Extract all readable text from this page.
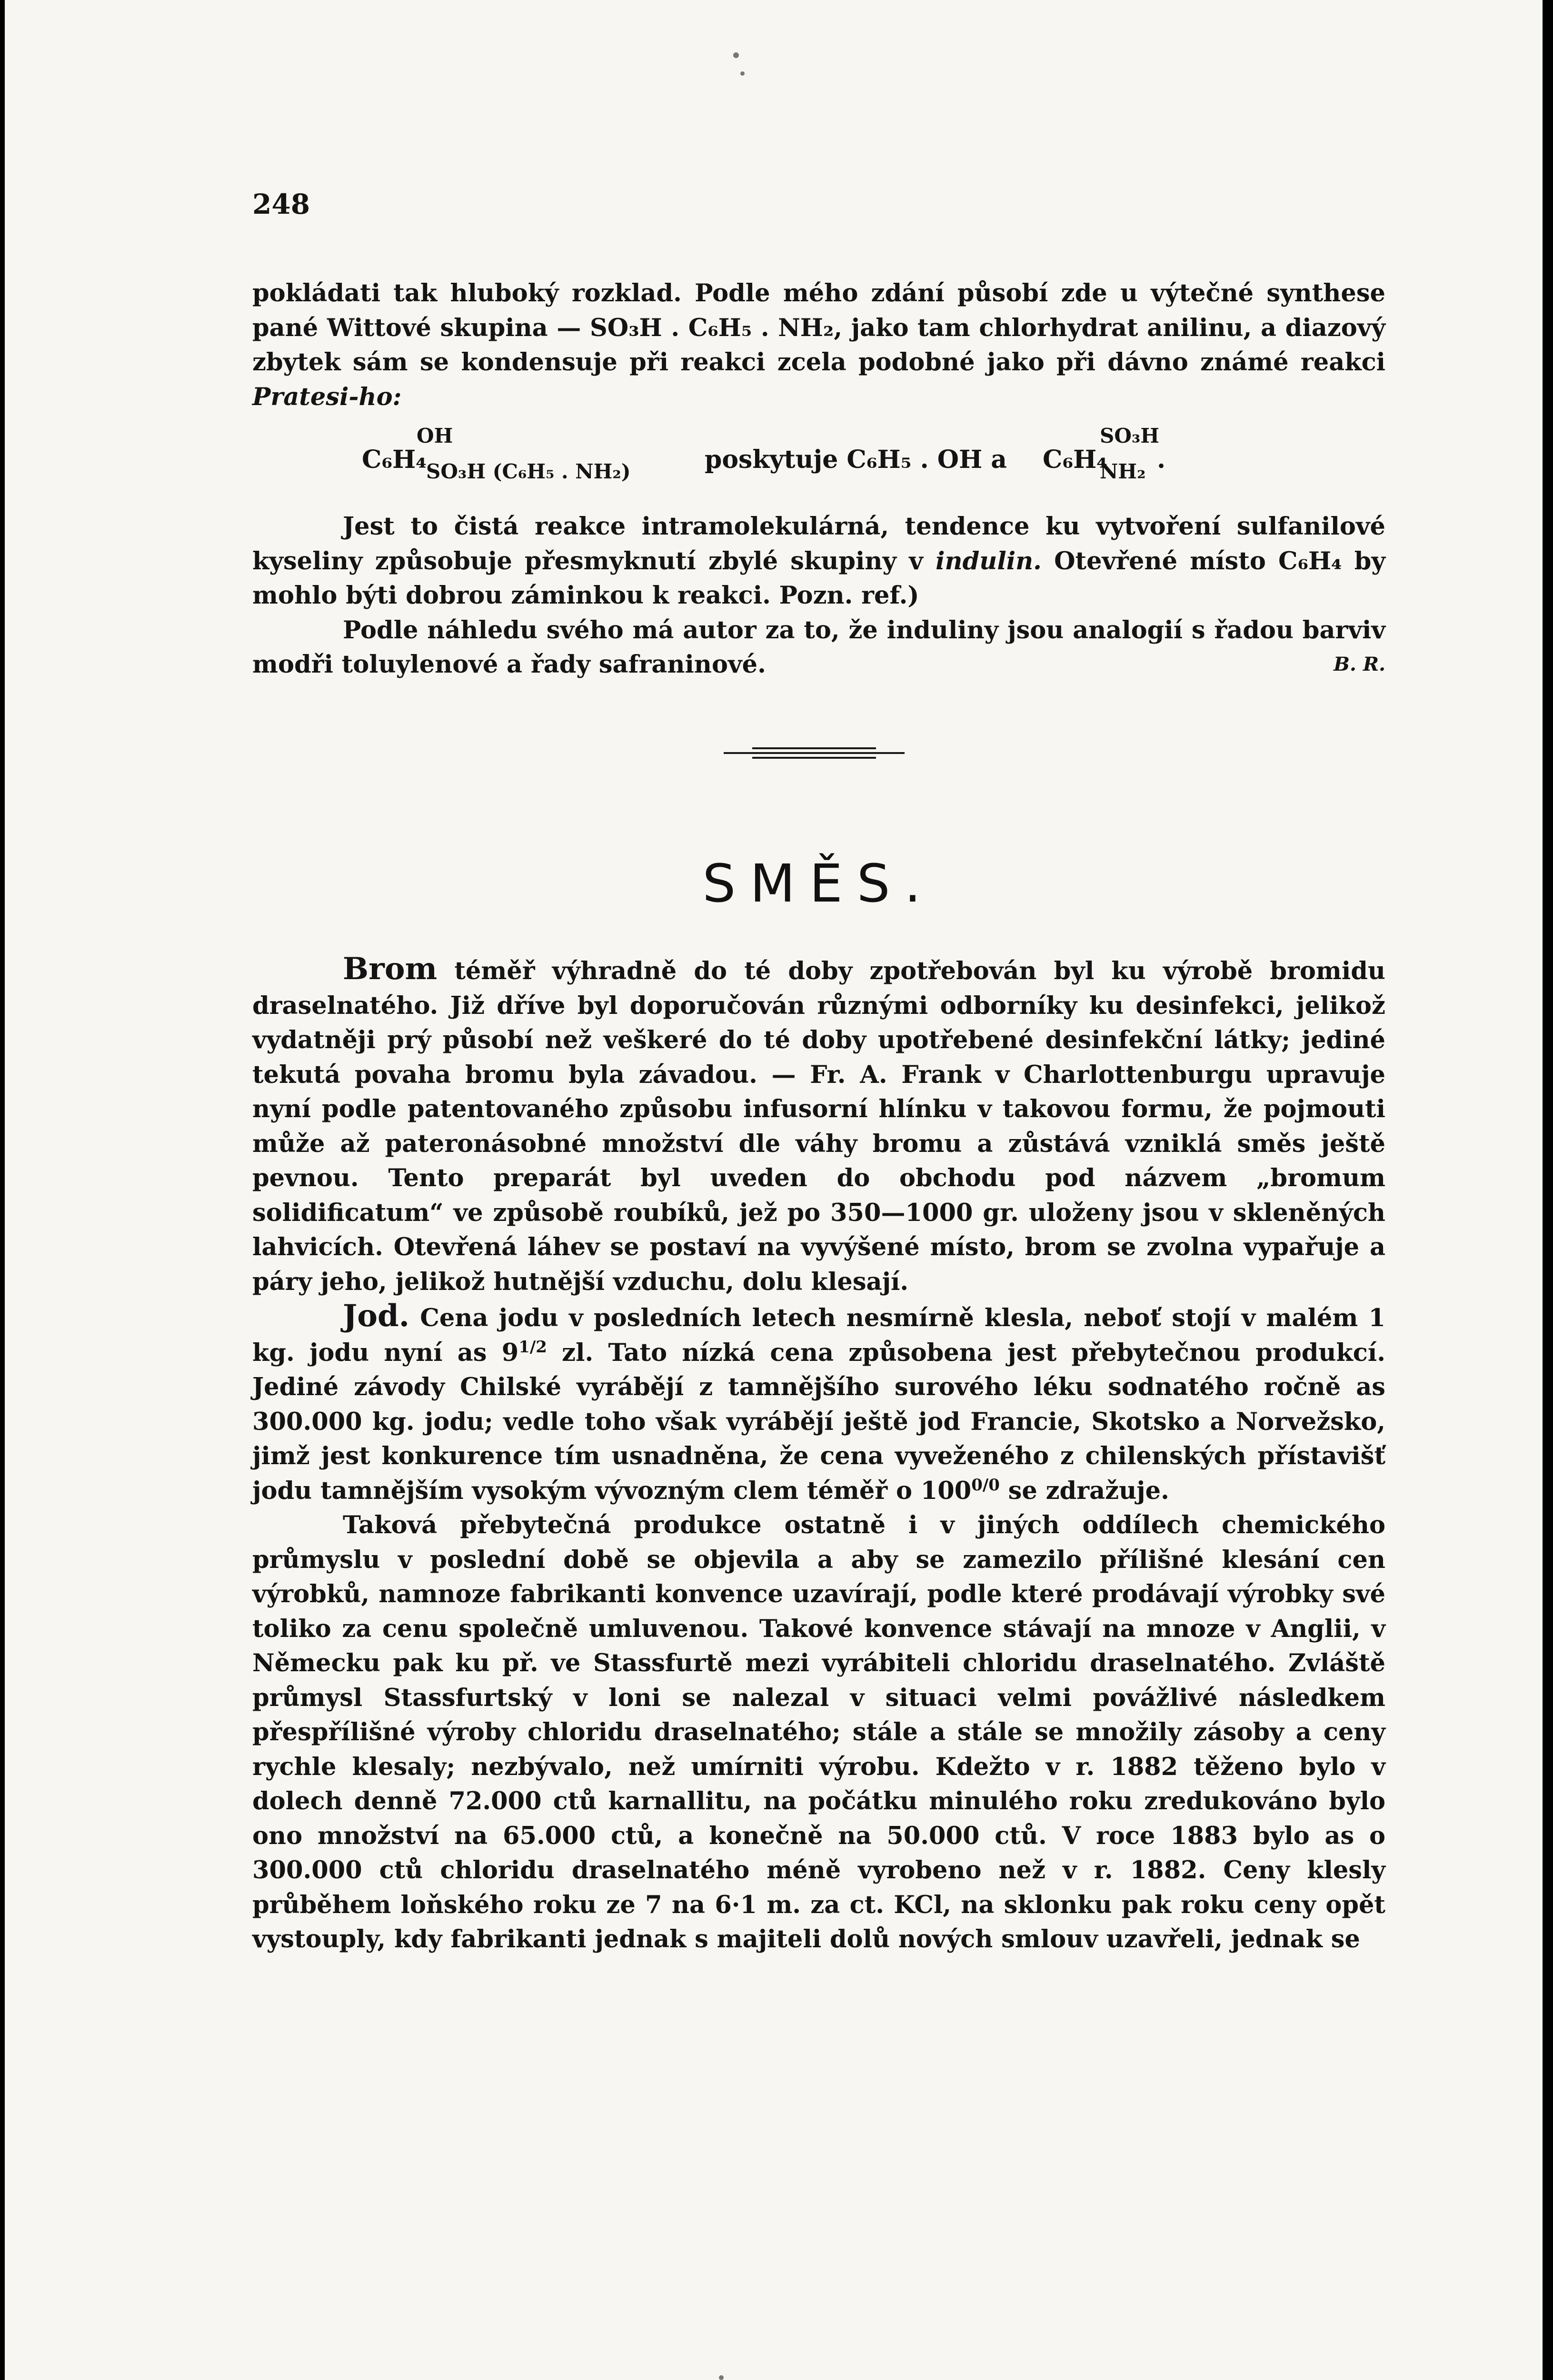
248

pokládati tak hluboký rozklad. Podle mého zdání působí zde u výtečné synthese pané Wittové skupina — SO₃H . C₆H₅ . NH₂, jako tam chlorhydrat anilinu, a diazový zbytek sám se kondensuje při reakci zcela podobné jako při dávno známé reakci Pratesi-ho:

C₆H₄
OH
SO₃H (C₆H₅ . NH₂)	poskytuje C₆H₅ . OH a C₆H₄
SO₃H
NH₂ .

Jest to čistá reakce intramolekulárná, tendence ku vytvoření sulfanilové kyseliny způsobuje přesmyknutí zbylé skupiny v indulin. Otevřené místo C₆H₄ by mohlo býti dobrou záminkou k reakci. Pozn. ref.)

Podle náhledu svého má autor za to, že induliny jsou analogií s řadou barviv modři toluylenové a řady safraninové.	B. R.
SMĚS.

Brom téměř výhradně do té doby zpotřebován byl ku výrobě bromidu draselnatého. Již dříve byl doporučován různými odborníky ku desinfekci, jelikož vydatněji prý působí než veškeré do té doby upotřebené desinfekční látky; jediné tekutá povaha bromu byla závadou. — Fr. A. Frank v Charlottenburgu upravuje nyní podle patentovaného způsobu infusorní hlínku v takovou formu, že pojmouti může až pateronásobné množství dle váhy bromu a zůstává vzniklá směs ještě pevnou. Tento preparát byl uveden do obchodu pod názvem „bromum solidificatum“ ve způsobě roubíků, jež po 350—1000 gr. uloženy jsou v skleněných lahvicích. Otevřená láhev se postaví na vyvýšené místo, brom se zvolna vypařuje a páry jeho, jelikož hutnější vzduchu, dolu klesají.

Jod. Cena jodu v posledních letech nesmírně klesla, neboť stojí v malém 1 kg. jodu nyní as $9^{1/2}$ zl. Tato nízká cena způsobena jest přebytečnou produkcí. Jediné závody Chilské vyrábějí z tamnějšího surového léku sodnatého ročně as 300.000 kg. jodu; vedle toho však vyrábějí ještě jod Francie, Skotsko a Norvežsko, jimž jest konkurence tím usnadněna, že cena vyveženého z chilenských přístavišť jodu tamnějším vysokým vývozným clem téměř o $100^{0/0}$ se zdražuje.

Taková přebytečná produkce ostatně i v jiných oddílech chemického průmyslu v poslední době se objevila a aby se zamezilo přílišné klesání cen výrobků, namnoze fabrikanti konvence uzavírají, podle které prodávají výrobky své toliko za cenu společně umluvenou. Takové konvence stávají na mnoze v Anglii, v Německu pak ku př. ve Stassfurtě mezi vyrábiteli chloridu draselnatého. Zvláště průmysl Stassfurtský v loni se nalezal v situaci velmi povážlivé následkem přespřílišné výroby chloridu draselnatého; stále a stále se množily zásoby a ceny rychle klesaly; nezbývalo, než umírniti výrobu. Kdežto v r. 1882 těženo bylo v dolech denně 72.000 ctů karnallitu, na počátku minulého roku zredukováno bylo ono množství na 65.000 ctů, a konečně na 50.000 ctů. V roce 1883 bylo as o 300.000 ctů chloridu draselnatého méně vyrobeno než v r. 1882. Ceny klesly průběhem loňského roku ze 7 na 6·1 m. za ct. KCl, na sklonku pak roku ceny opět vystouply, kdy fabrikanti jednak s majiteli dolů nových smlouv uzavřeli, jednak se
